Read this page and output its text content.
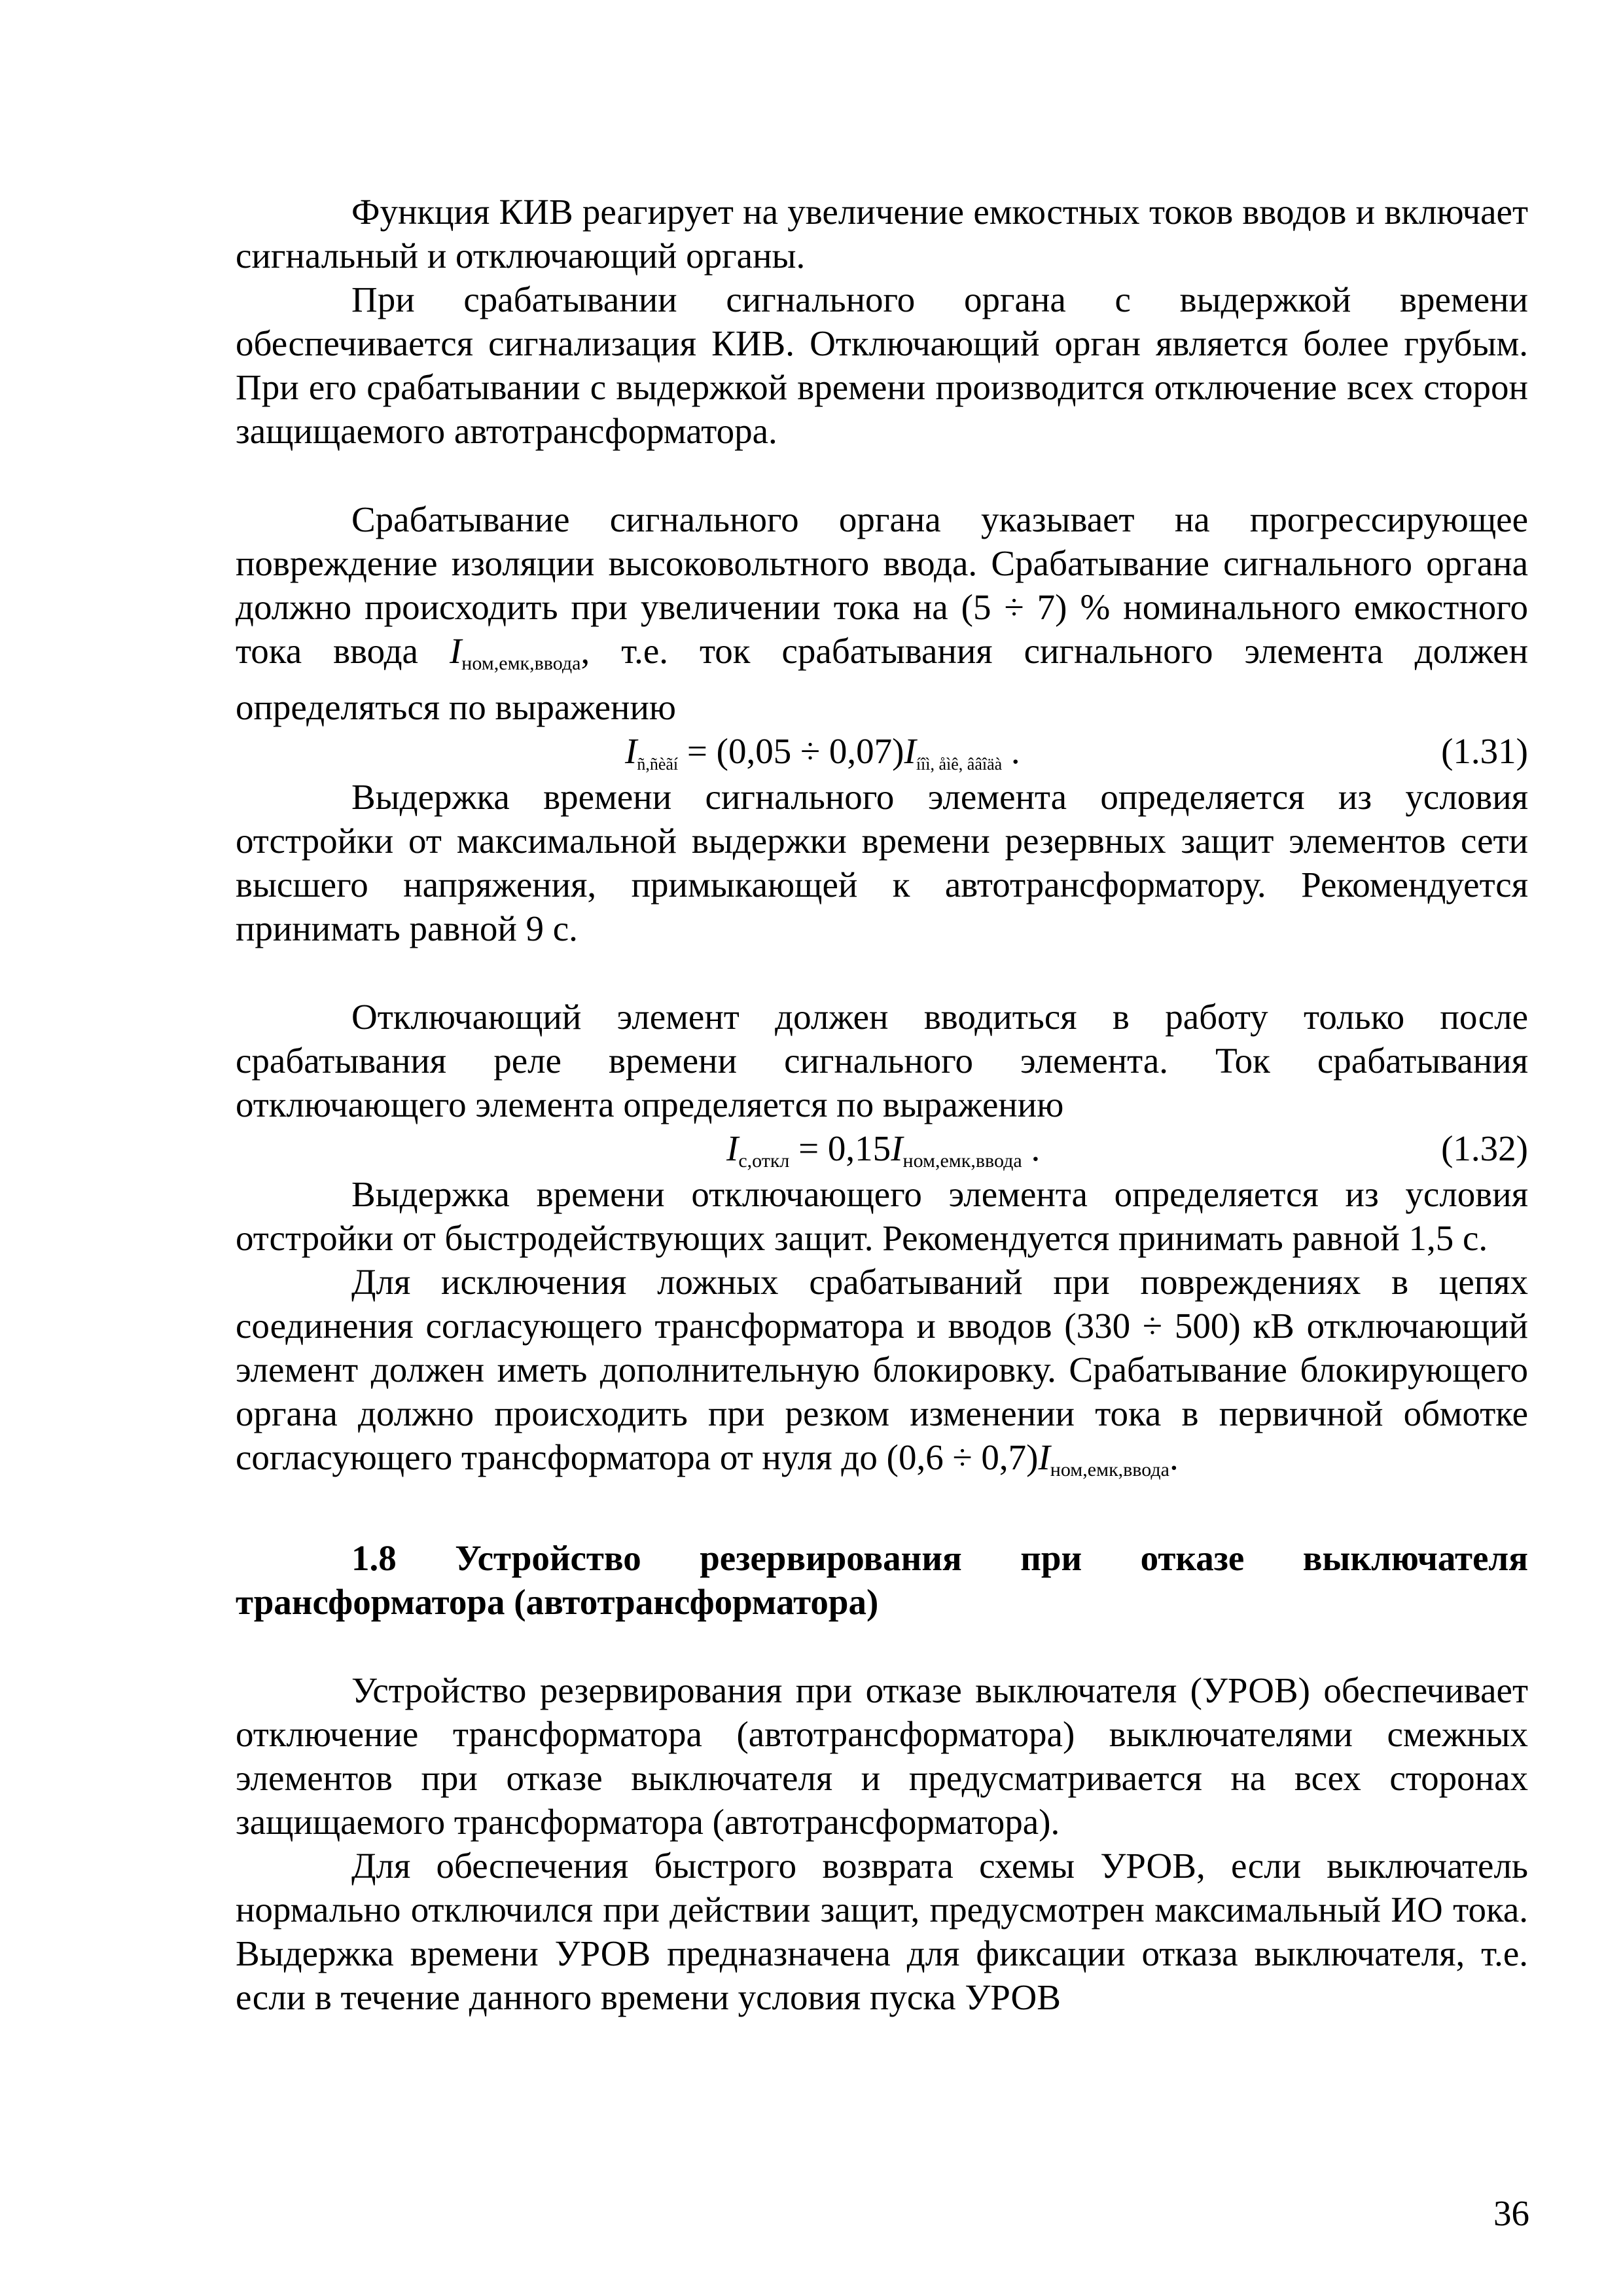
Функция КИВ реагирует на увеличение емкостных токов вводов и включает сигнальный и отключающий органы.

При срабатывании сигнального органа с выдержкой времени обеспечивается сигнализация КИВ. Отключающий орган является более грубым. При его срабатывании с выдержкой времени производится отключение всех сторон защищаемого автотрансформатора.

Срабатывание сигнального органа указывает на прогрессирующее повреждение изоляции высоковольтного ввода. Срабатывание сигнального органа должно происходить при увеличении тока на (5 ÷ 7) % номинального емкостного тока ввода $I_{ном,емк,ввода}$, т.е. ток срабатывания сигнального элемента должен определяться по выражению

Iñ,ñèãí = (0,05 ÷ 0,07)Iíîì, åìê, ââîäà .	(1.31)

Выдержка времени сигнального элемента определяется из условия отстройки от максимальной выдержки времени резервных защит элементов сети высшего напряжения, примыкающей к автотрансформатору. Рекомендуется принимать равной 9 с.

Отключающий элемент должен вводиться в работу только после срабатывания реле времени сигнального элемента. Ток срабатывания отключающего элемента определяется по выражению

$I_{с,откл} = 0,15I_{ном,емк,ввода}$ .	(1.32)

Выдержка времени отключающего элемента определяется из условия отстройки от быстродействующих защит. Рекомендуется принимать равной 1,5 с.

Для исключения ложных срабатываний при повреждениях в цепях соединения согласующего трансформатора и вводов (330 ÷ 500) кВ отключающий элемент должен иметь дополнительную блокировку. Срабатывание блокирующего органа должно происходить при резком изменении тока в первичной обмотке согласующего трансформатора от нуля до $(0,6 \div 0,7)I_{ном,емк,ввода}$.

1.8 Устройство резервирования при отказе выключателя трансформатора (автотрансформатора)

Устройство резервирования при отказе выключателя (УРОВ) обеспечивает отключение трансформатора (автотрансформатора) выключателями смежных элементов при отказе выключателя и предусматривается на всех сторонах защищаемого трансформатора (автотрансформатора).

Для обеспечения быстрого возврата схемы УРОВ, если выключатель нормально отключился при действии защит, предусмотрен максимальный ИО тока. Выдержка времени УРОВ предназначена для фиксации отказа выключателя, т.е. если в течение данного времени условия пуска УРОВ

36
